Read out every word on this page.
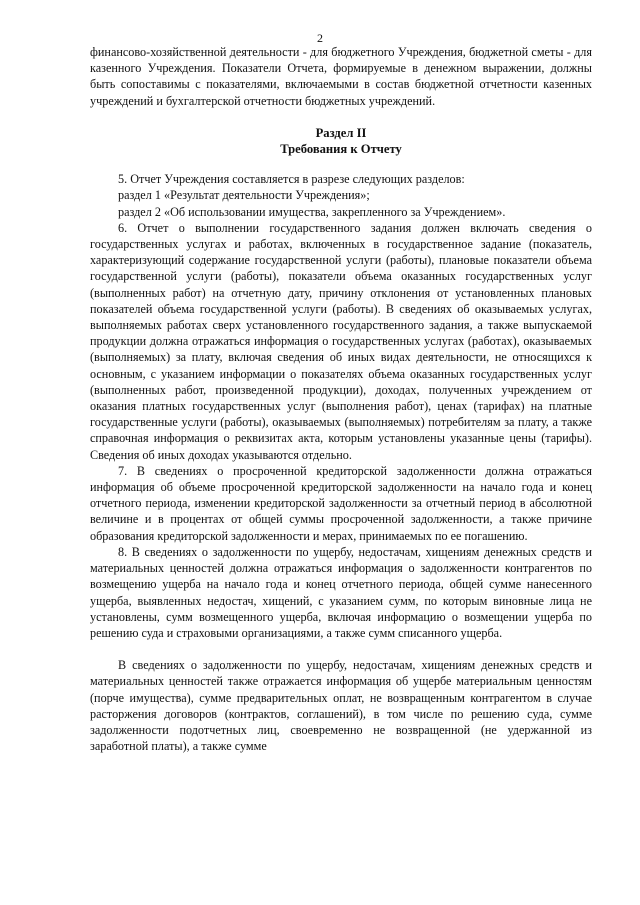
2

финансово-хозяйственной деятельности - для бюджетного Учреждения, бюджетной сметы - для казенного Учреждения. Показатели Отчета, формируемые в денежном выражении, должны быть сопоставимы с показателями, включаемыми в состав бюджетной отчетности казенных учреждений и бухгалтерской отчетности бюджетных учреждений.

Раздел II
Требования к Отчету

5. Отчет Учреждения составляется в разрезе следующих разделов:

раздел 1 «Результат деятельности Учреждения»;

раздел 2 «Об использовании имущества, закрепленного за Учреждением».

6. Отчет о выполнении государственного задания должен включать сведения о государственных услугах и работах, включенных в государственное задание (показатель, характеризующий содержание государственной услуги (работы), плановые показатели объема государственной услуги (работы), показатели объема оказанных государственных услуг (выполненных работ) на отчетную дату, причину отклонения от установленных плановых показателей объема государственной услуги (работы). В сведениях об оказываемых услугах, выполняемых работах сверх установленного государственного задания, а также выпускаемой продукции должна отражаться информация о государственных услугах (работах), оказываемых (выполняемых) за плату, включая сведения об иных видах деятельности, не относящихся к основным, с указанием информации о показателях объема оказанных государственных услуг (выполненных работ, произведенной продукции), доходах, полученных учреждением от оказания платных государственных услуг (выполнения работ), ценах (тарифах) на платные государственные услуги (работы), оказываемых (выполняемых) потребителям за плату, а также справочная информация о реквизитах акта, которым установлены указанные цены (тарифы). Сведения об иных доходах указываются отдельно.

7. В сведениях о просроченной кредиторской задолженности должна отражаться информация об объеме просроченной кредиторской задолженности на начало года и конец отчетного периода, изменении кредиторской задолженности за отчетный период в абсолютной величине и в процентах от общей суммы просроченной задолженности, а также причине образования кредиторской задолженности и мерах, принимаемых по ее погашению.

8. В сведениях о задолженности по ущербу, недостачам, хищениям денежных средств и материальных ценностей должна отражаться информация о задолженности контрагентов по возмещению ущерба на начало года и конец отчетного периода, общей сумме нанесенного ущерба, выявленных недостач, хищений, с указанием сумм, по которым виновные лица не установлены, сумм возмещенного ущерба, включая информацию о возмещении ущерба по решению суда и страховыми организациями, а также сумм списанного ущерба.

В сведениях о задолженности по ущербу, недостачам, хищениям денежных средств и материальных ценностей также отражается информация об ущербе материальным ценностям (порче имущества), сумме предварительных оплат, не возвращенным контрагентом в случае расторжения договоров (контрактов, соглашений), в том числе по решению суда, сумме задолженности подотчетных лиц, своевременно не возвращенной (не удержанной из заработной платы), а также сумме
